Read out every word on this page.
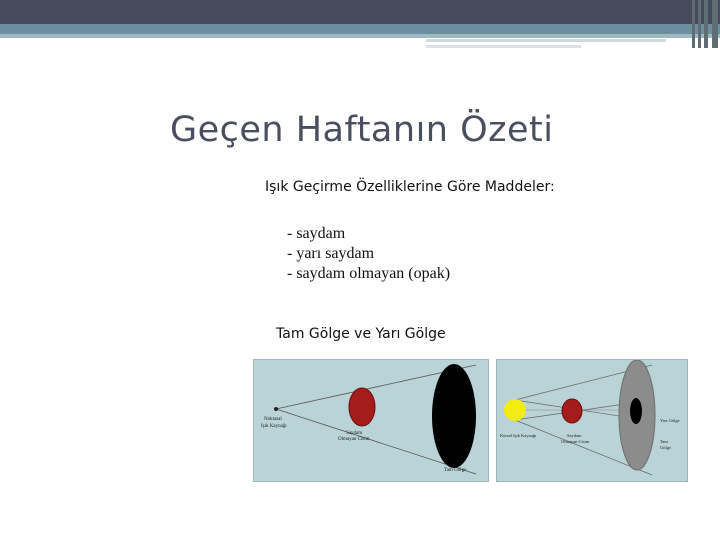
Geçen Haftanın Özeti
Işık Geçirme Özelliklerine Göre Maddeler:
- saydam
- yarı saydam
- saydam olmayan (opak)
Tam Gölge ve Yarı Gölge
Noktasal
Işık Kaynağı
Saydam
Olmayan Cisim
Tam Gölge
Kürsel Işık Kaynağı	Saydam
Olmayan Cisim
Yarı Gölge
Tam
Gölge
